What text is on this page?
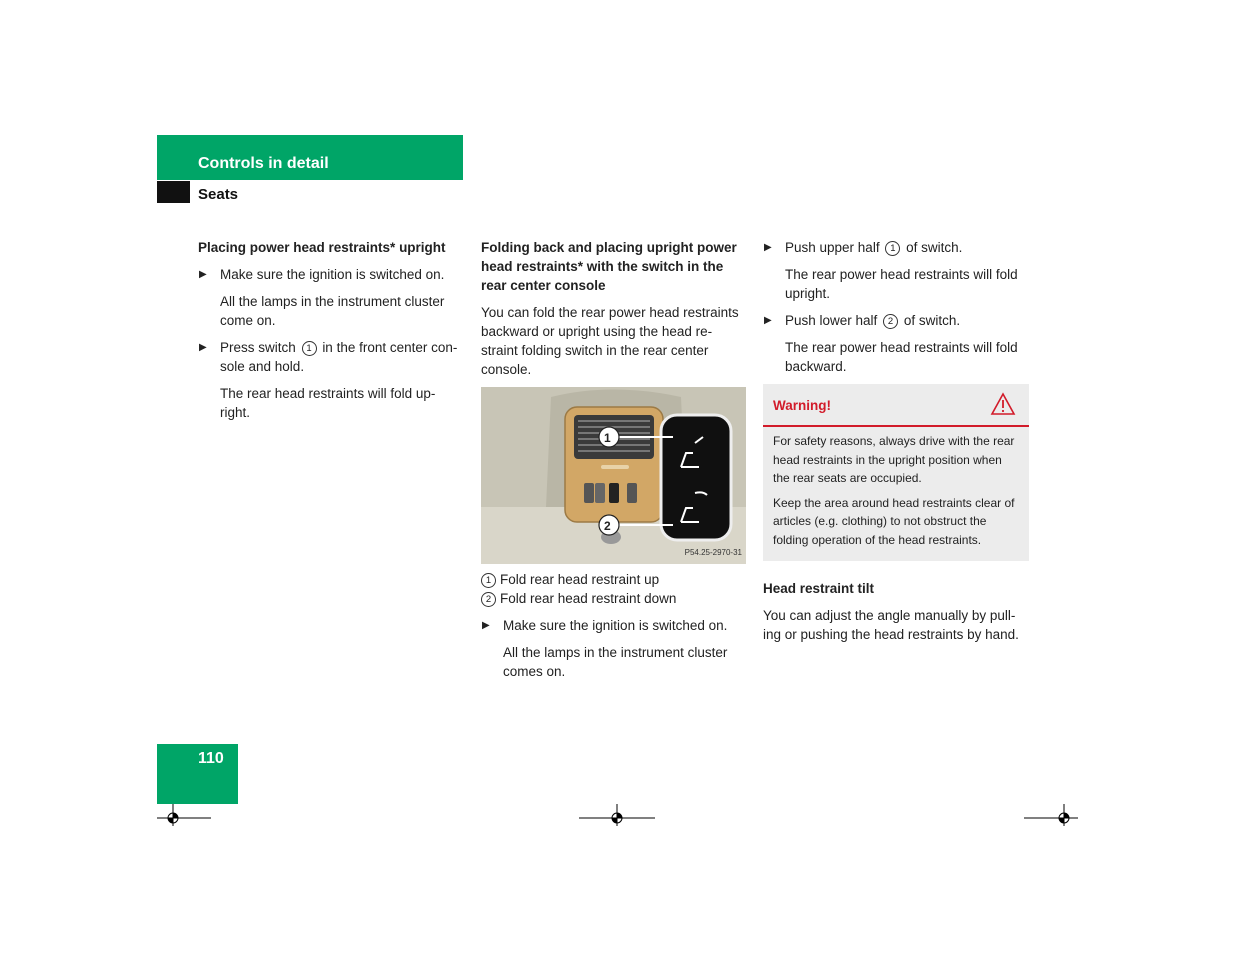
Controls in detail
Seats
Placing power head restraints* upright
▶ Make sure the ignition is switched on.

All the lamps in the instrument cluster come on.

▶ Press switch 1 in the front center con-sole and hold.

The rear head restraints will fold up-right.

Folding back and placing upright power head restraints* with the switch in the rear center console

You can fold the rear power head restraints backward or upright using the head re-straint folding switch in the rear center console.

1
2
P54.25-2970-31
1 Fold rear head restraint up
2 Fold rear head restraint down
▶ Make sure the ignition is switched on.

All the lamps in the instrument cluster comes on.

▶ Push upper half 1 of switch.

The rear power head restraints will fold upright.

▶ Push lower half 2 of switch.

The rear power head restraints will fold backward.

Warning!

For safety reasons, always drive with the rear head restraints in the upright position when the rear seats are occupied.

Keep the area around head restraints clear of articles (e.g. clothing) to not obstruct the folding operation of the head restraints.

Head restraint tilt

You can adjust the angle manually by pull-ing or pushing the head restraints by hand.

110
